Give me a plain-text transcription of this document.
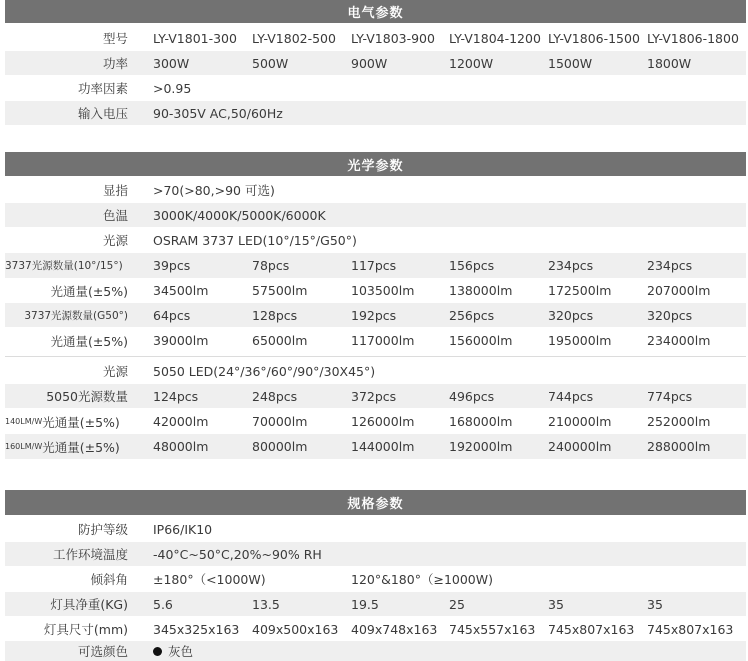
电气参数
型号 LY-V1801-300 LY-V1802-500 LY-V1803-900 LY-V1804-1200 LY-V1806-1500 LY-V1806-1800
功率 300W	500W	900W	1200W	1500W	1800W
功率因素 >0.95
输入电压 90-305V AC,50/60Hz
光学参数
显指 >70(>80,>90 可选)
色温 3000K/4000K/5000K/6000K
光源 OSRAM 3737 LED(10°/15°/G50°)
3737光源数量(10°/15°)	39pcs	78pcs	117pcs	156pcs	234pcs	234pcs
光通量(±5%) 34500lm	57500lm	103500lm	138000lm	172500lm	207000lm
3737光源数量(G50°) 64pcs	128pcs	192pcs	256pcs	320pcs	320pcs
光通量(±5%) 39000lm	65000lm	117000lm	156000lm	195000lm	234000lm
光源 5050 LED(24°/36°/60°/90°/30X45°)
5050光源数量 124pcs	248pcs	372pcs	496pcs	744pcs	774pcs
140LM/W 光通量(±5%)	42000lm	70000lm	126000lm	168000lm	210000lm	252000lm
160LM/W 光通量(±5%)	48000lm	80000lm	144000lm	192000lm	240000lm	288000lm
规格参数
防护等级 IP66/IK10
工作环境温度 -40°C~50°C,20%~90% RH
倾斜角 ±180°（<1000W)	120°&180°（≥1000W)
灯具净重(KG) 5.6	13.5	19.5	25	35	35
灯具尺寸(mm) 345x325x163 409x500x163 409x748x163 745x557x163 745x807x163 745x807x163
可选颜色	灰色
